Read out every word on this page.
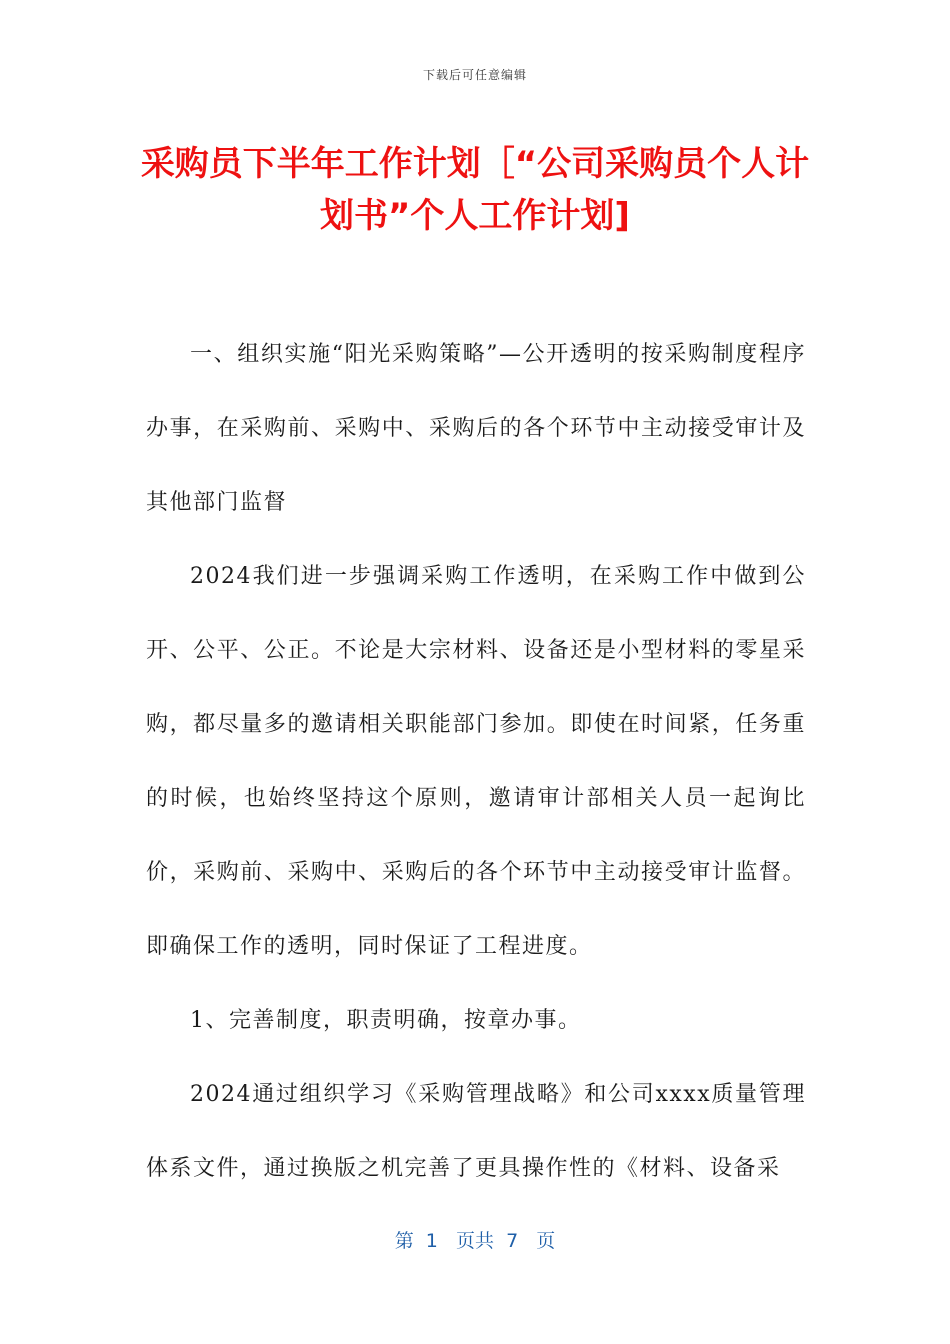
下载后可任意编辑
采购员下半年工作计划［“公司采购员个人计划书”个人工作计划]

一、组织实施“阳光采购策略”—公开透明的按采购制度程序办事，在采购前、采购中、采购后的各个环节中主动接受审计及其他部门监督

2024我们进一步强调采购工作透明，在采购工作中做到公开、公平、公正。不论是大宗材料、设备还是小型材料的零星采购，都尽量多的邀请相关职能部门参加。即使在时间紧，任务重的时候，也始终坚持这个原则，邀请审计部相关人员一起询比价，采购前、采购中、采购后的各个环节中主动接受审计监督。即确保工作的透明，同时保证了工程进度。

1、完善制度，职责明确，按章办事。

2024通过组织学习《采购管理战略》和公司xxxx质量管理体系文件，通过换版之机完善了更具操作性的《材料、设备采

第  1   页共  7   页
